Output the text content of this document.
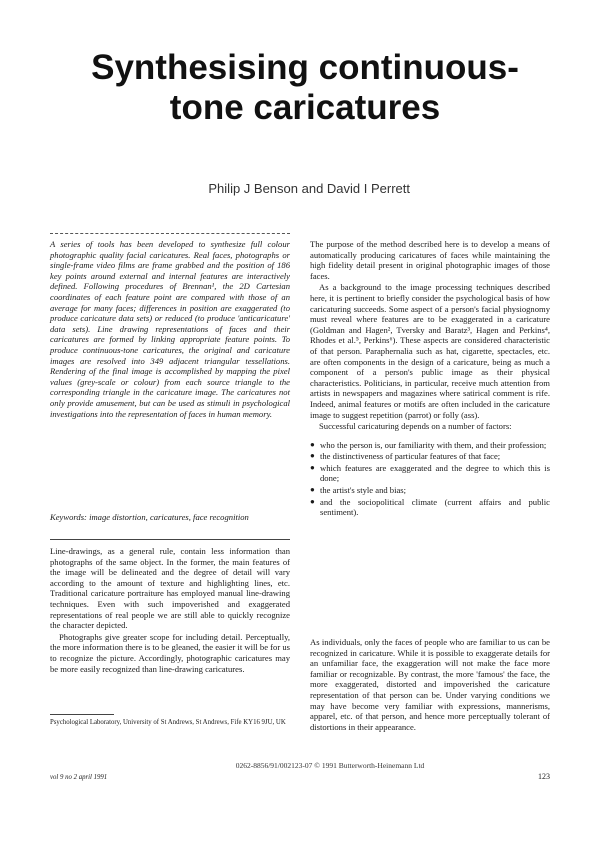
Synthesising continuous-tone caricatures
Philip J Benson and David I Perrett

A series of tools has been developed to synthesize full colour photographic quality facial caricatures. Real faces, photographs or single-frame video films are frame grabbed and the position of 186 key points around external and internal features are interactively defined. Following procedures of Brennan¹, the 2D Cartesian coordinates of each feature point are compared with those of an average for many faces; differences in position are exaggerated (to produce caricature data sets) or reduced (to produce 'anticaricature' data sets). Line drawing representations of faces and their caricatures are formed by linking appropriate feature points. To produce continuous-tone caricatures, the original and caricature images are resolved into 349 adjacent triangular tessellations. Rendering of the final image is accomplished by mapping the pixel values (grey-scale or colour) from each source triangle to the corresponding triangle in the caricature image. The caricatures not only provide amusement, but can be used as stimuli in psychological investigations into the representation of faces in human memory.

Keywords: image distortion, caricatures, face recognition

Line-drawings, as a general rule, contain less information than photographs of the same object. In the former, the main features of the image will be delineated and the degree of detail will vary according to the amount of texture and highlighting lines, etc. Traditional caricature portraiture has employed manual line-drawing techniques. Even with such impoverished and exaggerated representations of real people we are still able to quickly recognize the character depicted.

Photographs give greater scope for including detail. Perceptually, the more information there is to be gleaned, the easier it will be for us to recognize the picture. Accordingly, photographic caricatures may be more easily recognized than line-drawing caricatures.

The purpose of the method described here is to develop a means of automatically producing caricatures of faces while maintaining the high fidelity detail present in original photographic images of those faces.

As a background to the image processing techniques described here, it is pertinent to briefly consider the psychological basis of how caricaturing succeeds. Some aspect of a person's facial physiognomy must reveal where features are to be exaggerated in a caricature (Goldman and Hagen², Tversky and Baratz³, Hagen and Perkins⁴, Rhodes et al.⁵, Perkins⁶). These aspects are considered characteristic of that person. Paraphernalia such as hat, cigarette, spectacles, etc. are often components in the design of a caricature, being as much a component of a person's public image as their physical characteristics. Politicians, in particular, receive much attention from artists in newspapers and magazines where satirical comment is rife. Indeed, animal features or motifs are often included in the caricature image to suggest repetition (parrot) or folly (ass).

Successful caricaturing depends on a number of factors:

● who the person is, our familiarity with them, and their profession;
● the distinctiveness of particular features of that face;
● which features are exaggerated and the degree to which this is done;
● the artist's style and bias;
● and the sociopolitical climate (current affairs and public sentiment).

As individuals, only the faces of people who are familiar to us can be recognized in caricature. While it is possible to exaggerate details for an unfamiliar face, the exaggeration will not make the face more familiar or recognizable. By contrast, the more 'famous' the face, the more exaggerated, distorted and impoverished the caricature representation of that person can be. Under varying conditions we may have become very familiar with expressions, mannerisms, apparel, etc. of that person, and hence more perceptually tolerant of distortions in their appearance.

Psychological Laboratory, University of St Andrews, St Andrews, Fife KY16 9JU, UK
0262-8856/91/002123-07 © 1991 Butterworth-Heinemann Ltd
vol 9 no 2 april 1991	123
